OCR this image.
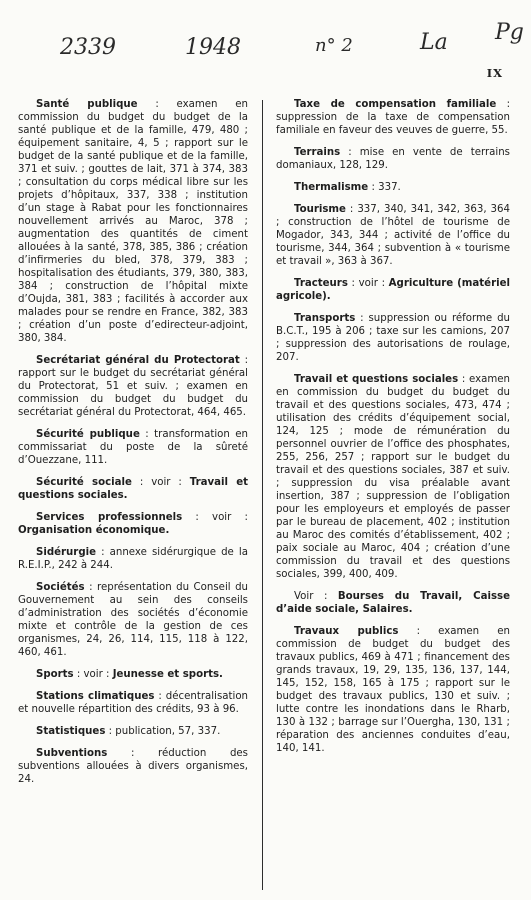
2339	1948	n° 2	La Pg
IX

Santé publique : examen en commission du budget du budget de la santé publique et de la famille, 479, 480 ; équipement sanitaire, 4, 5 ; rapport sur le budget de la santé publique et de la famille, 371 et suiv. ; gouttes de lait, 371 à 374, 383 ; consultation du corps médical libre sur les projets d’hôpitaux, 337, 338 ; institution d’un stage à Rabat pour les fonctionnaires nouvellement arrivés au Maroc, 378 ; augmentation des quantités de ciment allouées à la santé, 378, 385, 386 ; création d’infirmeries du bled, 378, 379, 383 ; hospitalisation des étudiants, 379, 380, 383, 384 ; construction de l’hôpital mixte d’Oujda, 381, 383 ; facilités à accorder aux malades pour se rendre en France, 382, 383 ; création d’un poste d’edirecteur-adjoint, 380, 384.

Secrétariat général du Protectorat : rapport sur le budget du secrétariat général du Protectorat, 51 et suiv. ; examen en commission du budget du budget du secrétariat général du Protectorat, 464, 465.

Sécurité publique : transformation en commissariat du poste de la sûreté d’Ouezzane, 111.

Sécurité sociale : voir : Travail et questions sociales.

Services professionnels : voir : Organisation économique.

Sidérurgie : annexe sidérurgique de la R.E.I.P., 242 à 244.

Sociétés : représentation du Conseil du Gouvernement au sein des conseils d’administration des sociétés d’économie mixte et contrôle de la gestion de ces organismes, 24, 26, 114, 115, 118 à 122, 460, 461.

Sports : voir : Jeunesse et sports.

Stations climatiques : décentralisation et nouvelle répartition des crédits, 93 à 96.

Statistiques : publication, 57, 337.

Subventions : réduction des subventions allouées à divers organismes, 24.

Taxe de compensation familiale : suppression de la taxe de compensation familiale en faveur des veuves de guerre, 55.

Terrains : mise en vente de terrains domaniaux, 128, 129.

Thermalisme : 337.

Tourisme : 337, 340, 341, 342, 363, 364 ; construction de l’hôtel de tourisme de Mogador, 343, 344 ; activité de l’office du tourisme, 344, 364 ; subvention à « tourisme et travail », 363 à 367.

Tracteurs : voir : Agriculture (matériel agricole).

Transports : suppression ou réforme du B.C.T., 195 à 206 ; taxe sur les camions, 207 ; suppression des autorisations de roulage, 207.

Travail et questions sociales : examen en commission du budget du budget du travail et des questions sociales, 473, 474 ; utilisation des crédits d’équipement social, 124, 125 ; mode de rémunération du personnel ouvrier de l’office des phosphates, 255, 256, 257 ; rapport sur le budget du travail et des questions sociales, 387 et suiv. ; suppression du visa préalable avant insertion, 387 ; suppression de l’obligation pour les employeurs et employés de passer par le bureau de placement, 402 ; institution au Maroc des comités d’établissement, 402 ; paix sociale au Maroc, 404 ; création d’une commission du travail et des questions sociales, 399, 400, 409.

Voir : Bourses du Travail, Caisse d’aide sociale, Salaires.

Travaux publics : examen en commission de budget du budget des travaux publics, 469 à 471 ; financement des grands travaux, 19, 29, 135, 136, 137, 144, 145, 152, 158, 165 à 175 ; rapport sur le budget des travaux publics, 130 et suiv. ; lutte contre les inondations dans le Rharb, 130 à 132 ; barrage sur l’Ouergha, 130, 131 ; réparation des anciennes conduites d’eau, 140, 141.
